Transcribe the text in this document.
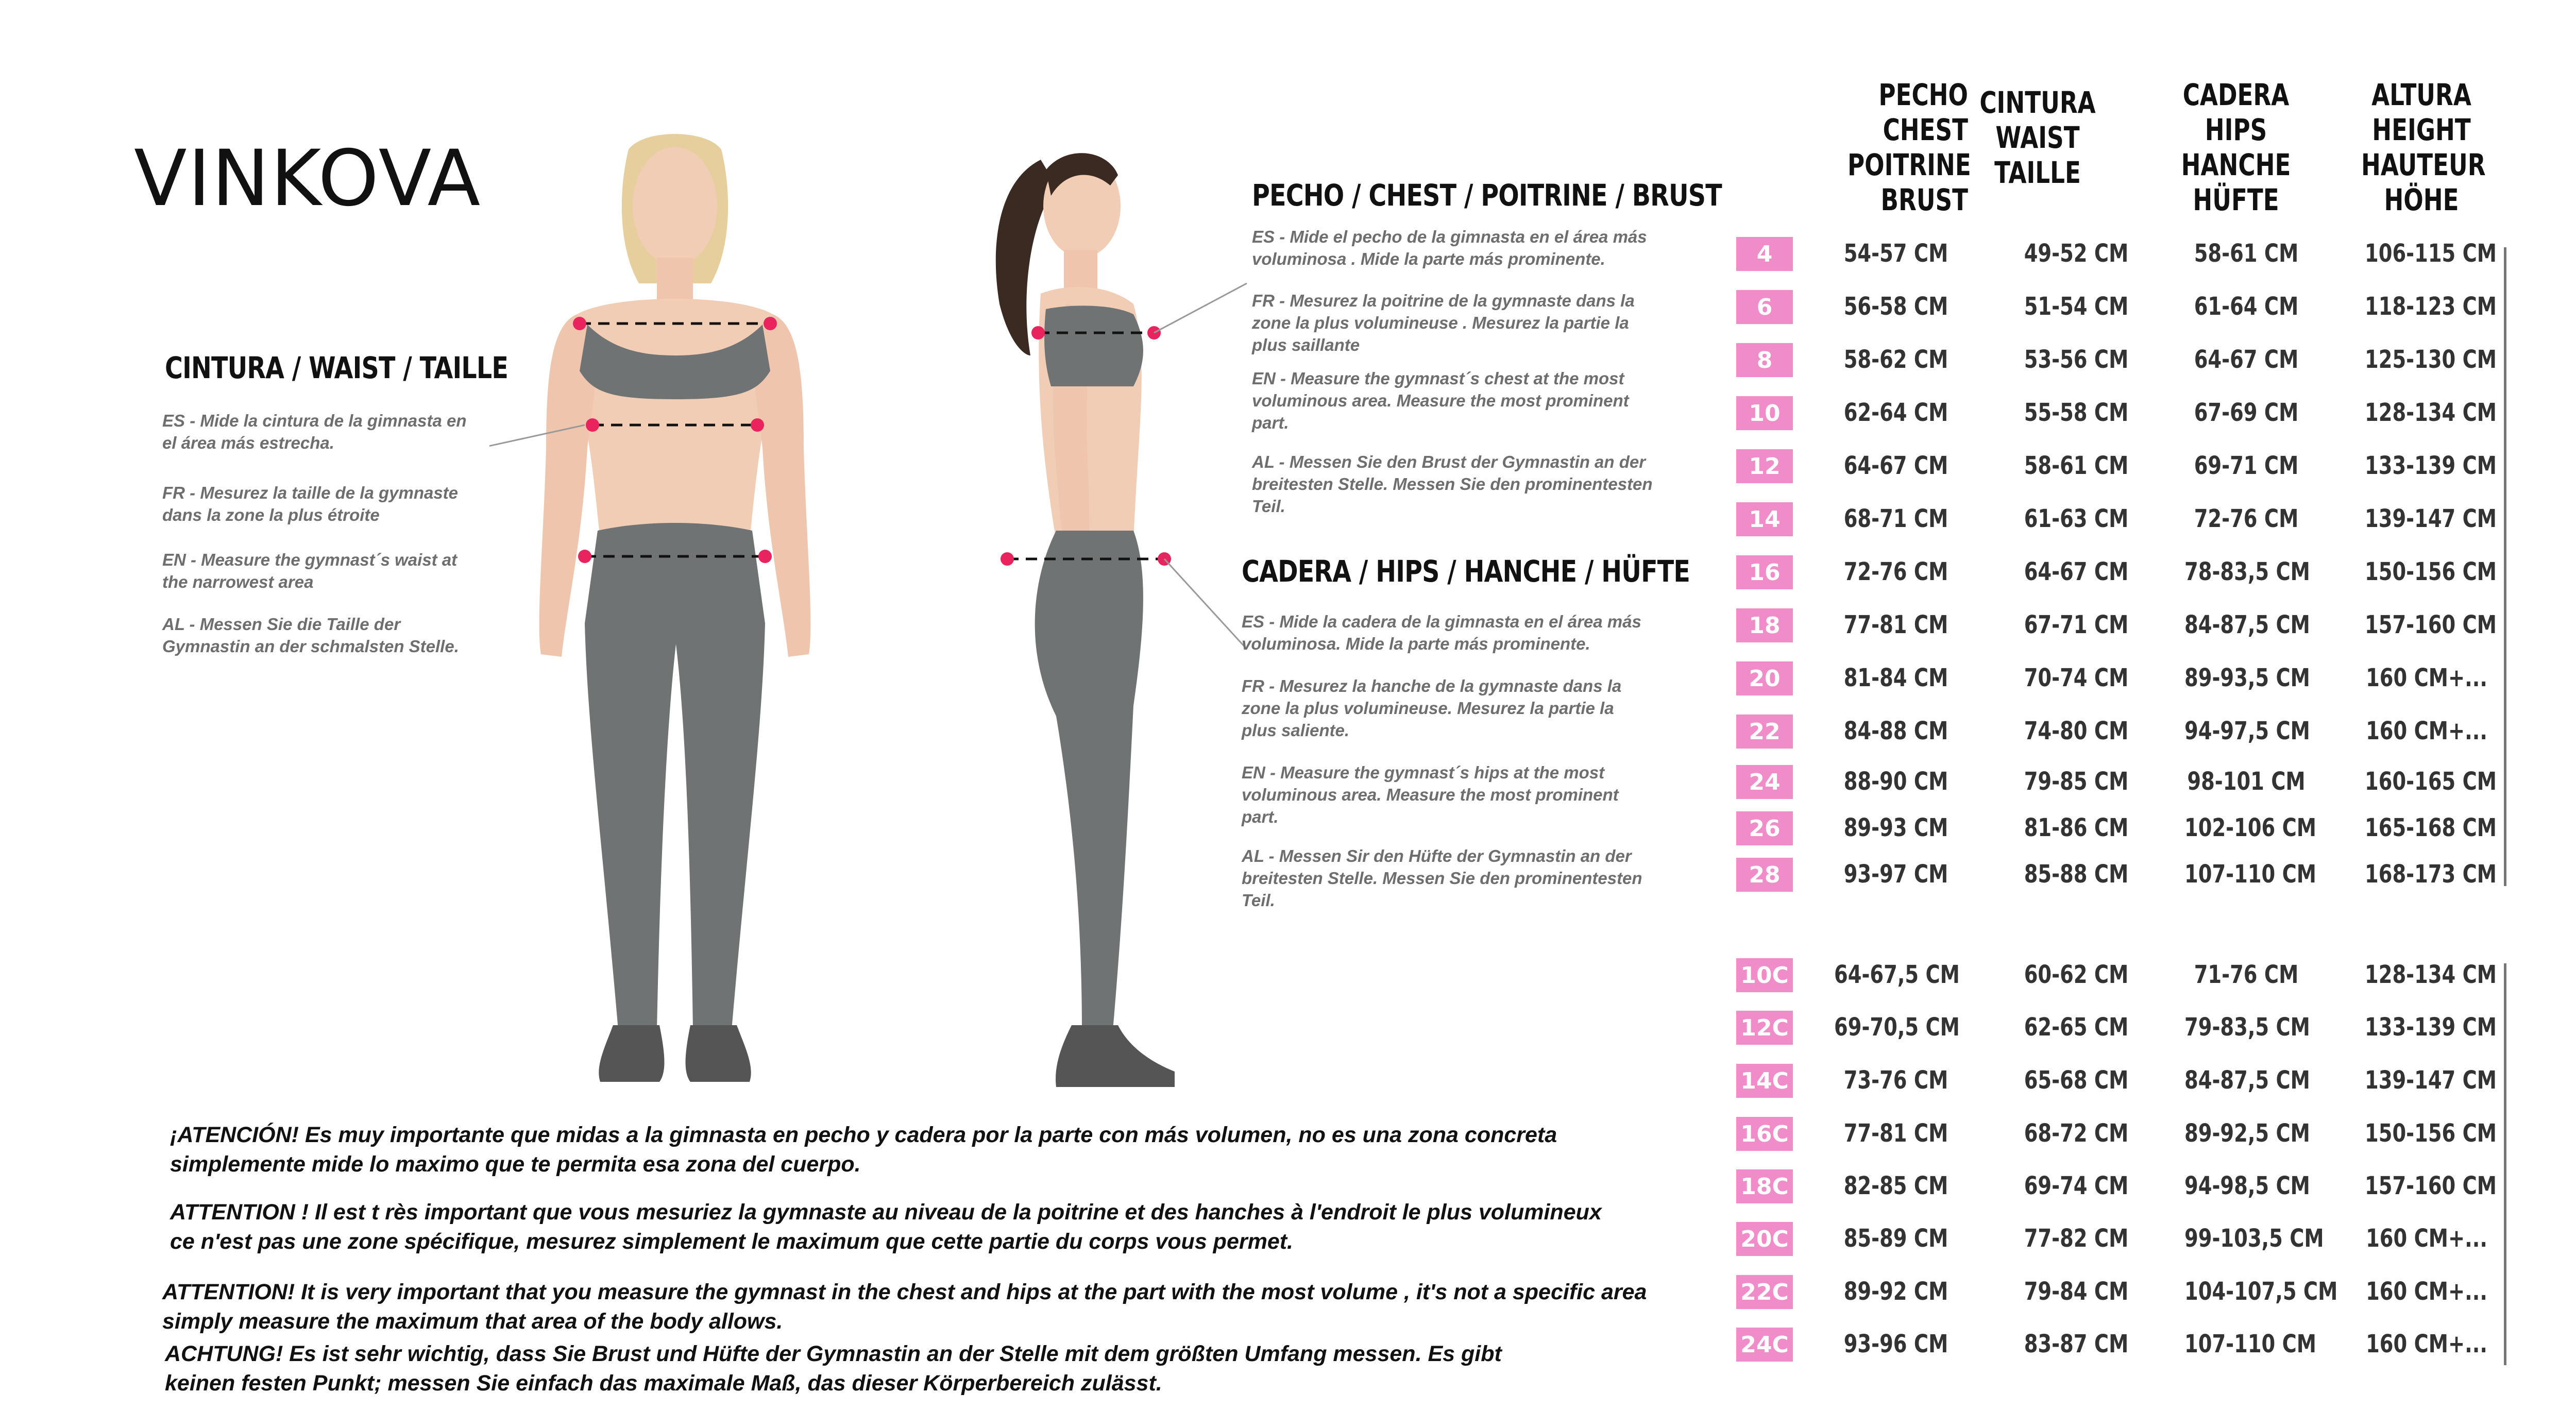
VINKOVA
CINTURA / WAIST / TAILLE
ES - Mide la cintura de la gimnasta en el área más estrecha.
FR - Mesurez la taille de la gymnaste dans la zone la plus étroite
EN - Measure the gymnast´s waist at the narrowest area
AL - Messen Sie die Taille der Gymnastin an der schmalsten Stelle.
PECHO / CHEST / POITRINE / BRUST
ES - Mide el pecho de la gimnasta en el área más voluminosa . Mide la parte más prominente.
FR - Mesurez la poitrine de la gymnaste dans la zone la plus volumineuse . Mesurez la partie la plus saillante
EN - Measure the gymnast´s chest at the most voluminous area. Measure the most prominent part.
AL - Messen Sie den Brust der Gymnastin an der breitesten Stelle. Messen Sie den prominentesten Teil.
CADERA / HIPS / HANCHE / HÜFTE
ES - Mide la cadera de la gimnasta en el área más voluminosa. Mide la parte más prominente.
FR - Mesurez la hanche de la gymnaste dans la zone la plus volumineuse. Mesurez la partie la plus saliente.
EN - Measure the gymnast´s hips at the most voluminous area. Measure the most prominent part.
AL - Messen Sir den Hüfte der Gymnastin an der breitesten Stelle. Messen Sie den prominentesten Teil.
¡ATENCIÓN! Es muy importante que midas a la gimnasta en pecho y cadera por la parte con más volumen, no es una zona concreta simplemente mide lo maximo que te permita esa zona del cuerpo.
ATTENTION ! Il est t rès important que vous mesuriez la gymnaste au niveau de la poitrine et des hanches à l'endroit le plus volumineux ce n'est pas une zone spécifique, mesurez simplement le maximum que cette partie du corps vous permet.
ATTENTION! It is very important that you measure the gymnast in the chest and hips at the part with the most volume , it's not a specific area simply measure the maximum that area of the body allows.
ACHTUNG! Es ist sehr wichtig, dass Sie Brust und Hüfte der Gymnastin an der Stelle mit dem größten Umfang messen. Es gibt keinen festen Punkt; messen Sie einfach das maximale Maß, das dieser Körperbereich zulässt.
PECHO
CHEST
POITRINE
BRUST
CINTURA
WAIST
TAILLE
CADERA
HIPS
HANCHE
HÜFTE
ALTURA
HEIGHT
HAUTEUR
HÖHE
4	54-57 CM	49-52 CM	58-61 CM	106-115 CM
6	56-58 CM	51-54 CM	61-64 CM	118-123 CM
8	58-62 CM	53-56 CM	64-67 CM	125-130 CM
10	62-64 CM	55-58 CM	67-69 CM	128-134 CM
12	64-67 CM	58-61 CM	69-71 CM	133-139 CM
14	68-71 CM	61-63 CM	72-76 CM	139-147 CM
16	72-76 CM	64-67 CM	78-83,5 CM 150-156 CM
18	77-81 CM	67-71 CM	84-87,5 CM 157-160 CM
20	81-84 CM	70-74 CM	89-93,5 CM 160 CM+...
22	84-88 CM	74-80 CM	94-97,5 CM 160 CM+...
24	88-90 CM	79-85 CM	98-101 CM 160-165 CM
26	89-93 CM	81-86 CM	102-106 CM 165-168 CM
28	93-97 CM	85-88 CM	107-110 CM 168-173 CM
10C 64-67,5 CM	60-62 CM	71-76 CM	128-134 CM
12C 69-70,5 CM	62-65 CM	79-83,5 CM 133-139 CM
14C	73-76 CM	65-68 CM	84-87,5 CM 139-147 CM
16C	77-81 CM	68-72 CM	89-92,5 CM 150-156 CM
18C	82-85 CM	69-74 CM	94-98,5 CM 157-160 CM
20C	85-89 CM	77-82 CM	99-103,5 CM 160 CM+...
22C	89-92 CM	79-84 CM	104-107,5 CM 160 CM+...
24C	93-96 CM	83-87 CM	107-110 CM 160 CM+...
